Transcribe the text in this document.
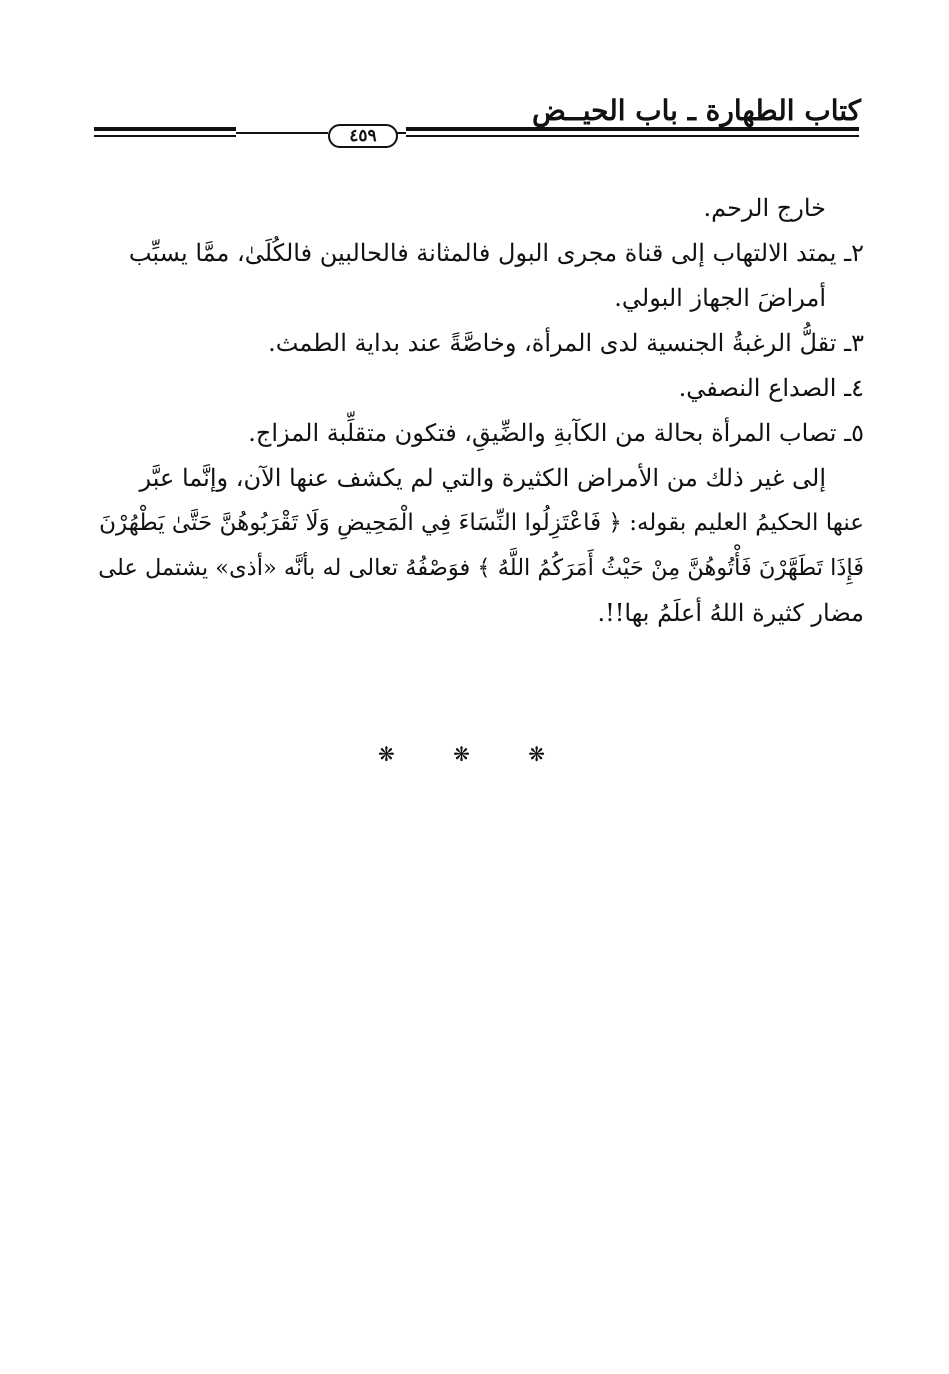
كتاب الطهارة ـ باب الحيــض
٤٥٩
خارج الرحم.
٢ـ يمتد الالتهاب إلى قناة مجرى البول فالمثانة فالحالبين فالكُلَىٰ، ممَّا يسبِّب
أمراضَ الجهاز البولي.
٣ـ تقلُّ الرغبةُ الجنسية لدى المرأة، وخاصَّةً عند بداية الطمث.
٤ـ الصداع النصفي.
٥ـ تصاب المرأة بحالة من الكآبةِ والضِّيقِ، فتكون متقلِّبة المزاج.
إلى غير ذلك من الأمراض الكثيرة والتي لم يكشف عنها الآن، وإنَّما عبَّر
عنها الحكيمُ العليم بقوله: ﴿ فَاعْتَزِلُوا النِّسَاءَ فِي الْمَحِيضِ وَلَا تَقْرَبُوهُنَّ حَتَّىٰ يَطْهُرْنَ
فَإِذَا تَطَهَّرْنَ فَأْتُوهُنَّ مِنْ حَيْثُ أَمَرَكُمُ اللَّهُ ﴾ فوَصْفُهُ تعالى له بأنَّه «أذى» يشتمل على
مضار كثيرة اللهُ أعلَمُ بها!!.
❋ ❋ ❋
